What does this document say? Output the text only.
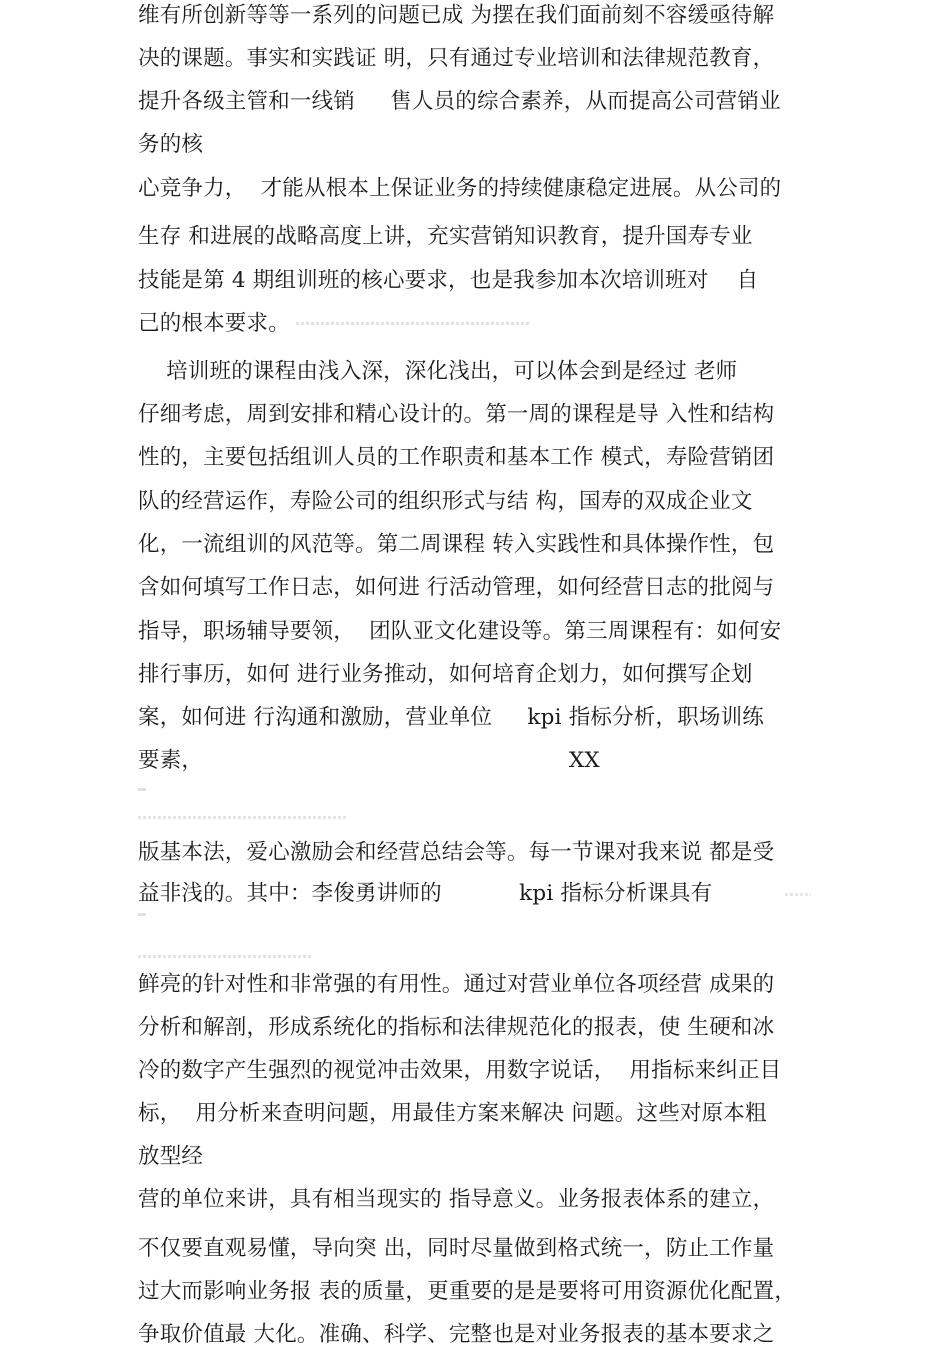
维有所创新等等一系列的问题已成 为摆在我们面前刻不容缓亟待解
决的课题。事实和实践证 明，只有通过专业培训和法律规范教育，
提升各级主管和一线销     售人员的综合素养，从而提高公司营销业
务的核
心竞争力，  才能从根本上保证业务的持续健康稳定进展。从公司的
生存 和进展的战略高度上讲，充实营销知识教育，提升国寿专业
技能是第 4 期组训班的核心要求，也是我参加本次培训班对    自
己的根本要求。
培训班的课程由浅入深，深化浅出，可以体会到是经过 老师
仔细考虑，周到安排和精心设计的。第一周的课程是导 入性和结构
性的，主要包括组训人员的工作职责和基本工作 模式，寿险营销团
队的经营运作，寿险公司的组织形式与结 构，国寿的双成企业文
化，一流组训的风范等。第二周课程 转入实践性和具体操作性，包
含如何填写工作日志，如何进 行活动管理，如何经营日志的批阅与
指导，职场辅导要领，  团队亚文化建设等。第三周课程有：如何安
排行事历，如何 进行业务推动，如何培育企划力，如何撰写企划
案，如何进 行沟通和激励，营业单位     kpi 指标分析，职场训练
要素，                                                    XX
版基本法，爱心激励会和经营总结会等。每一节课对我来说 都是受
益非浅的。其中：李俊勇讲师的           kpi 指标分析课具有
鲜亮的针对性和非常强的有用性。通过对营业单位各项经营 成果的
分析和解剖，形成系统化的指标和法律规范化的报表，使 生硬和冰
冷的数字产生强烈的视觉冲击效果，用数字说话，  用指标来纠正目
标，  用分析来查明问题，用最佳方案来解决 问题。这些对原本粗
放型经
营的单位来讲，具有相当现实的 指导意义。业务报表体系的建立，
不仅要直观易懂，导向突 出，同时尽量做到格式统一，防止工作量
过大而影响业务报 表的质量，更重要的是是要将可用资源优化配置，
争取价值最 大化。准确、科学、完整也是对业务报表的基本要求之
